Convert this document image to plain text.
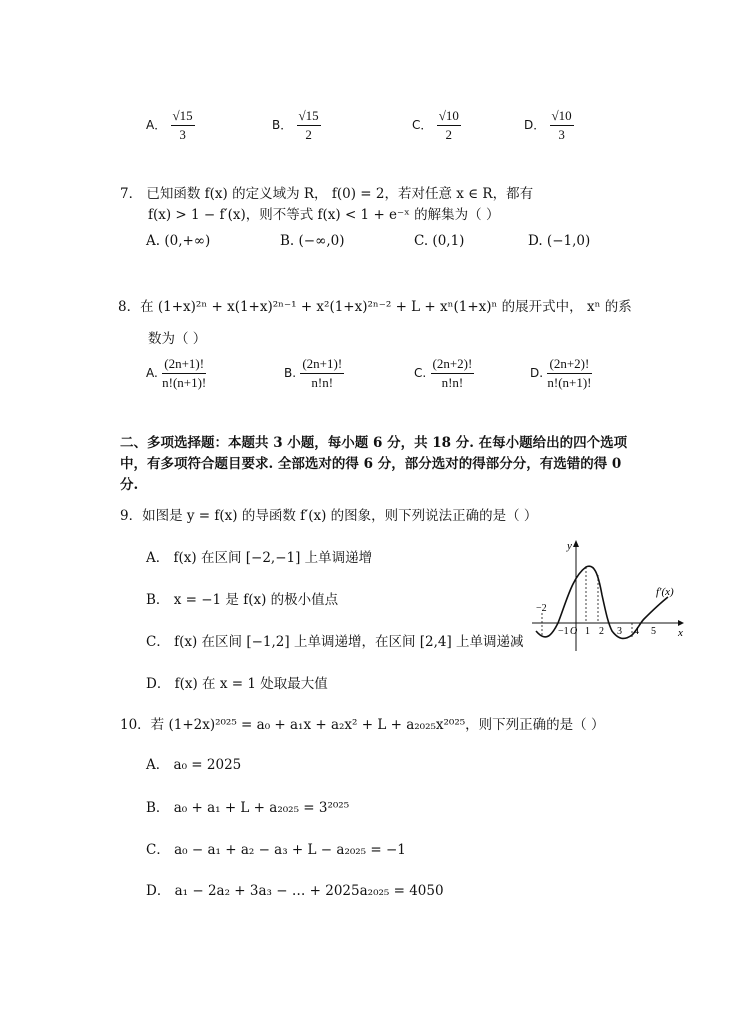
A． $\frac{√15}{3}$	B． $\frac{√15}{2}$	C． $\frac{√10}{2}$	D． $\frac{√10}{3}$
7． 已知函数 f(x) 的定义域为 R， f(0) = 2，若对任意 x ∈ R，都有
f(x) > 1 − f′(x)，则不等式 f(x) < 1 + e⁻ˣ 的解集为（ ）
A. (0,+∞)	B. (−∞,0)	C. (0,1)	D. (−1,0)
8．在 (1+x)²ⁿ + x(1+x)²ⁿ⁻¹ + x²(1+x)²ⁿ⁻² + L + xⁿ(1+x)ⁿ 的展开式中， xⁿ 的系
数为（ ）
A. $\frac{(2n+1)!}{n!(n+1)!}$	B. $\frac{(2n+1)!}{n!n!}$	C. $\frac{(2n+2)!}{n!n!}$	D. $\frac{(2n+2)!}{n!(n+1)!}$
二、多项选择题：本题共 3 小题，每小题 6 分，共 18 分. 在每小题给出的四个选项
中，有多项符合题目要求. 全部选对的得 6 分，部分选对的得部分分，有选错的得 0
分.
9．如图是 y = f(x) 的导函数 f′(x) 的图象，则下列说法正确的是（ ）
A． f(x) 在区间 [−2,−1] 上单调递增
B． x = −1 是 f(x) 的极小值点
C． f(x) 在区间 [−1,2] 上单调递增，在区间 [2,4] 上单调递减
D． f(x) 在 x = 1 处取最大值
y
x
f′(x)
−2
−1 O 1 2 3 4 5
10．若 (1+2x)²⁰²⁵ = a₀ + a₁x + a₂x² + L + a₂₀₂₅x²⁰²⁵，则下列正确的是（ ）
A． a₀ = 2025
B． a₀ + a₁ + L + a₂₀₂₅ = 3²⁰²⁵
C． a₀ − a₁ + a₂ − a₃ + L − a₂₀₂₅ = −1
D． a₁ − 2a₂ + 3a₃ − … + 2025a₂₀₂₅ = 4050
